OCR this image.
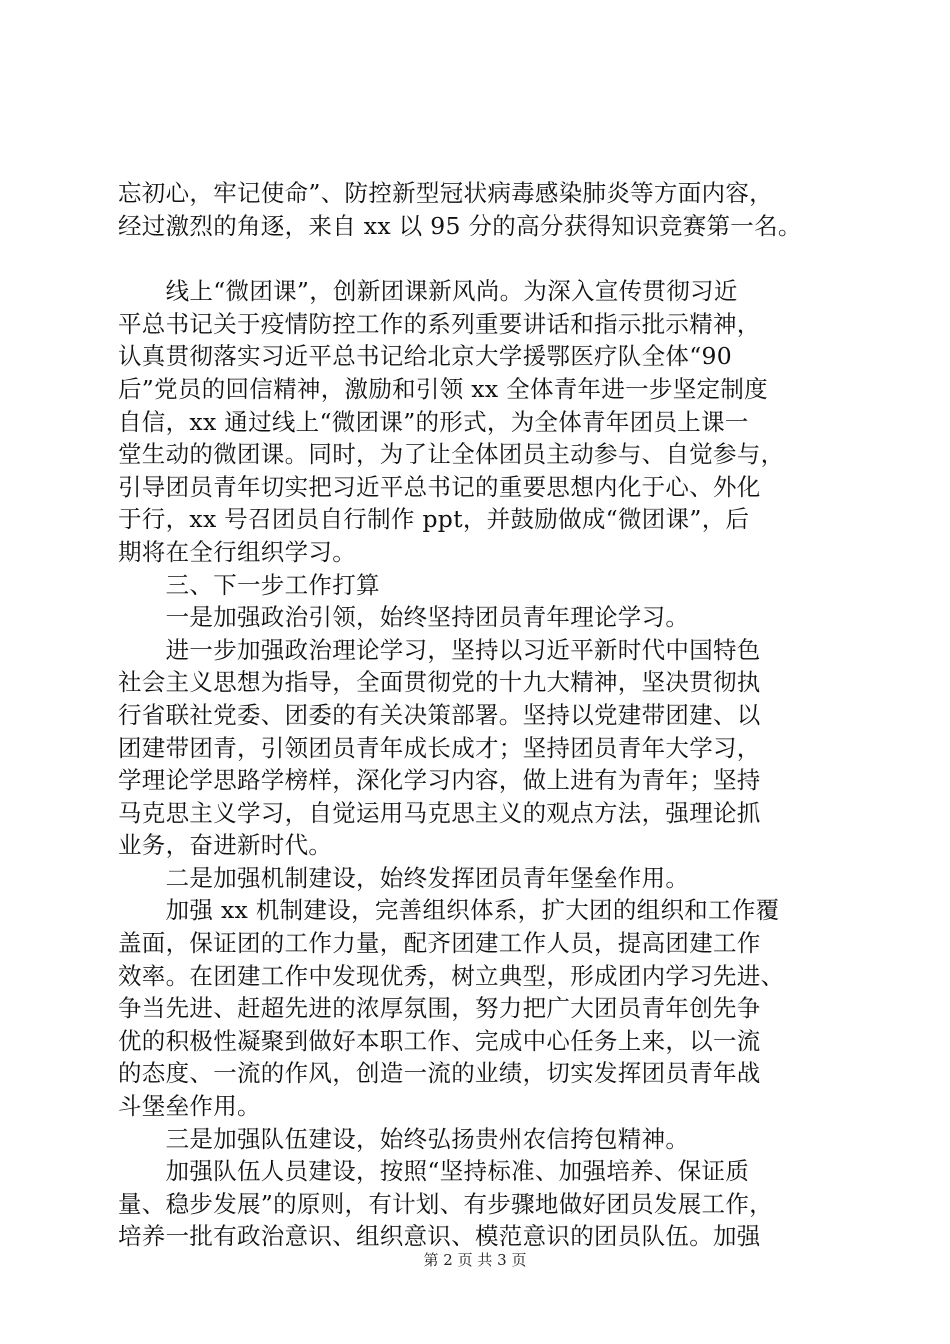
忘初心，牢记使命”、防控新型冠状病毒感染肺炎等方面内容，
经过激烈的角逐，来自 xx 以 95 分的高分获得知识竞赛第一名。
　　线上“微团课”，创新团课新风尚。为深入宣传贯彻习近
平总书记关于疫情防控工作的系列重要讲话和指示批示精神，
认真贯彻落实习近平总书记给北京大学援鄂医疗队全体“90
后”党员的回信精神，激励和引领 xx 全体青年进一步坚定制度
自信，xx 通过线上“微团课”的形式，为全体青年团员上课一
堂生动的微团课。同时，为了让全体团员主动参与、自觉参与，
引导团员青年切实把习近平总书记的重要思想内化于心、外化
于行，xx 号召团员自行制作 ppt，并鼓励做成“微团课”，后
期将在全行组织学习。
　　三、下一步工作打算
　　一是加强政治引领，始终坚持团员青年理论学习。
　　进一步加强政治理论学习，坚持以习近平新时代中国特色
社会主义思想为指导，全面贯彻党的十九大精神，坚决贯彻执
行省联社党委、团委的有关决策部署。坚持以党建带团建、以
团建带团青，引领团员青年成长成才；坚持团员青年大学习，
学理论学思路学榜样，深化学习内容，做上进有为青年；坚持
马克思主义学习，自觉运用马克思主义的观点方法，强理论抓
业务，奋进新时代。
　　二是加强机制建设，始终发挥团员青年堡垒作用。
　　加强 xx 机制建设，完善组织体系，扩大团的组织和工作覆
盖面，保证团的工作力量，配齐团建工作人员，提高团建工作
效率。在团建工作中发现优秀，树立典型，形成团内学习先进、
争当先进、赶超先进的浓厚氛围，努力把广大团员青年创先争
优的积极性凝聚到做好本职工作、完成中心任务上来，以一流
的态度、一流的作风，创造一流的业绩，切实发挥团员青年战
斗堡垒作用。
　　三是加强队伍建设，始终弘扬贵州农信挎包精神。
　　加强队伍人员建设，按照“坚持标准、加强培养、保证质
量、稳步发展”的原则，有计划、有步骤地做好团员发展工作，
培养一批有政治意识、组织意识、模范意识的团员队伍。加强
第 2 页 共 3 页
